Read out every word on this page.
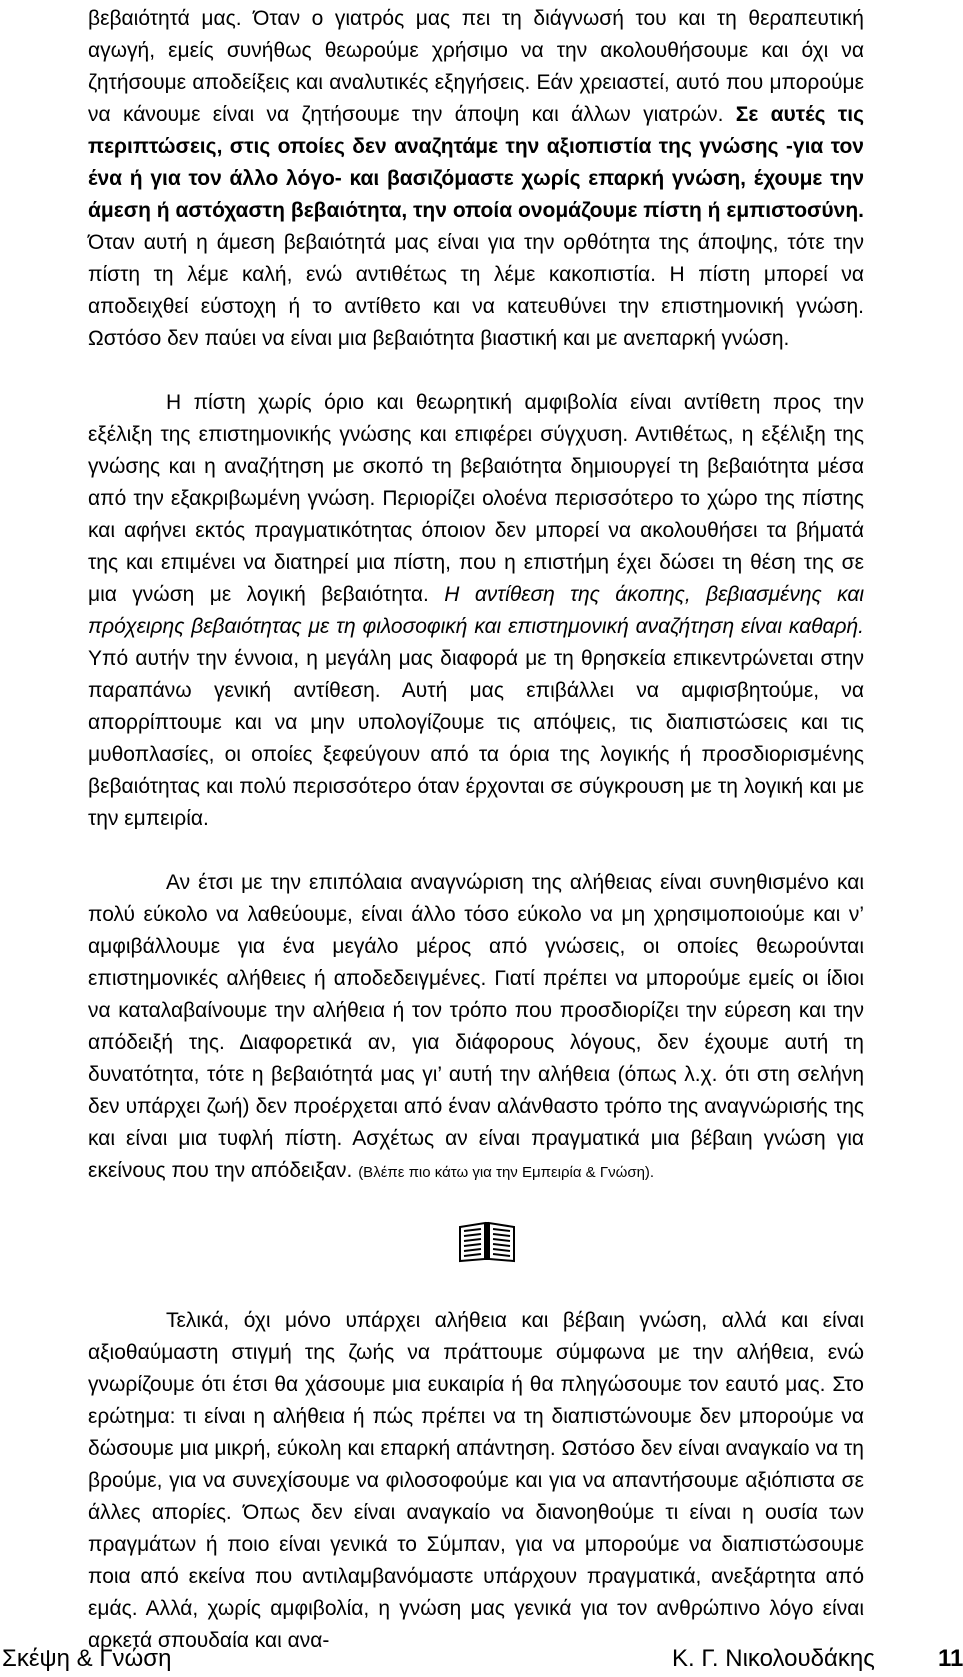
βεβαιότητά μας. Όταν ο γιατρός μας πει τη διάγνωσή του και τη θεραπευτική αγωγή, εμείς συνήθως θεωρούμε χρήσιμο να την ακολουθήσουμε και όχι να ζητήσουμε αποδείξεις και αναλυτικές εξηγήσεις. Εάν χρειαστεί, αυτό που μπορούμε να κάνουμε είναι να ζητήσουμε την άποψη και άλλων γιατρών. Σε αυτές τις περιπτώσεις, στις οποίες δεν αναζητάμε την αξιοπιστία της γνώσης -για τον ένα ή για τον άλλο λόγο- και βασιζόμαστε χωρίς επαρκή γνώση, έχουμε την άμεση ή αστόχαστη βεβαιότητα, την οποία ονομάζουμε πίστη ή εμπιστοσύνη. Όταν αυτή η άμεση βεβαιότητά μας είναι για την ορθότητα της άποψης, τότε την πίστη τη λέμε καλή, ενώ αντιθέτως τη λέμε κακοπιστία. Η πίστη μπορεί να αποδειχθεί εύστοχη ή το αντίθετο και να κατευθύνει την επιστημονική γνώση. Ωστόσο δεν παύει να είναι μια βεβαιότητα βιαστική και με ανεπαρκή γνώση.

Η πίστη χωρίς όριο και θεωρητική αμφιβολία είναι αντίθετη προς την εξέλιξη της επιστημονικής γνώσης και επιφέρει σύγχυση. Αντιθέτως, η εξέλιξη της γνώσης και η αναζήτηση με σκοπό τη βεβαιότητα δημιουργεί τη βεβαιότητα μέσα από την εξακριβωμένη γνώση. Περιορίζει ολοένα περισσότερο το χώρο της πίστης και αφήνει εκτός πραγματικότητας όποιον δεν μπορεί να ακολουθήσει τα βήματά της και επιμένει να διατηρεί μια πίστη, που η επιστήμη έχει δώσει τη θέση της σε μια γνώση με λογική βεβαιότητα. Η αντίθεση της άκοπης, βεβιασμένης και πρόχειρης βεβαιότητας με τη φιλοσοφική και επιστημονική αναζήτηση είναι καθαρή. Υπό αυτήν την έννοια, η μεγάλη μας διαφορά με τη θρησκεία επικεντρώνεται στην παραπάνω γενική αντίθεση. Αυτή μας επιβάλλει να αμφισβητούμε, να απορρίπτουμε και να μην υπολογίζουμε τις απόψεις, τις διαπιστώσεις και τις μυθοπλασίες, οι οποίες ξεφεύγουν από τα όρια της λογικής ή προσδιορισμένης βεβαιότητας και πολύ περισσότερο όταν έρχονται σε σύγκρουση με τη λογική και με την εμπειρία.

Αν έτσι με την επιπόλαια αναγνώριση της αλήθειας είναι συνηθισμένο και πολύ εύκολο να λαθεύουμε, είναι άλλο τόσο εύκολο να μη χρησιμοποιούμε και ν’ αμφιβάλλουμε για ένα μεγάλο μέρος από γνώσεις, οι οποίες θεωρούνται επιστημονικές αλήθειες ή αποδεδειγμένες. Γιατί πρέπει να μπορούμε εμείς οι ίδιοι να καταλαβαίνουμε την αλήθεια ή τον τρόπο που προσδιορίζει την εύρεση και την απόδειξή της. Διαφορετικά αν, για διάφορους λόγους, δεν έχουμε αυτή τη δυνατότητα, τότε η βεβαιότητά μας γι’ αυτή την αλήθεια (όπως λ.χ. ότι στη σελήνη δεν υπάρχει ζωή) δεν προέρχεται από έναν αλάνθαστο τρόπο της αναγνώρισής της και είναι μια τυφλή πίστη. Ασχέτως αν είναι πραγματικά μια βέβαιη γνώση για εκείνους που την απόδειξαν. (Βλέπε πιο κάτω για την Εμπειρία & Γνώση).

Τελικά, όχι μόνο υπάρχει αλήθεια και βέβαιη γνώση, αλλά και είναι αξιοθαύμαστη στιγμή της ζωής να πράττουμε σύμφωνα με την αλήθεια, ενώ γνωρίζουμε ότι έτσι θα χάσουμε μια ευκαιρία ή θα πληγώσουμε τον εαυτό μας. Στο ερώτημα: τι είναι η αλήθεια ή πώς πρέπει να τη διαπιστώνουμε δεν μπορούμε να δώσουμε μια μικρή, εύκολη και επαρκή απάντηση. Ωστόσο δεν είναι αναγκαίο να τη βρούμε, για να συνεχίσουμε να φιλοσοφούμε και για να απαντήσουμε αξιόπιστα σε άλλες απορίες. Όπως δεν είναι αναγκαίο να διανοηθούμε τι είναι η ουσία των πραγμάτων ή ποιο είναι γενικά το Σύμπαν, για να μπορούμε να διαπιστώσουμε ποια από εκείνα που αντιλαμβανόμαστε υπάρχουν πραγματικά, ανεξάρτητα από εμάς. Αλλά, χωρίς αμφιβολία, η γνώση μας γενικά για τον ανθρώπινο λόγο είναι αρκετά σπουδαία και ανα-

Σκέψη & Γνώση	Κ. Γ. Νικολουδάκης	11
